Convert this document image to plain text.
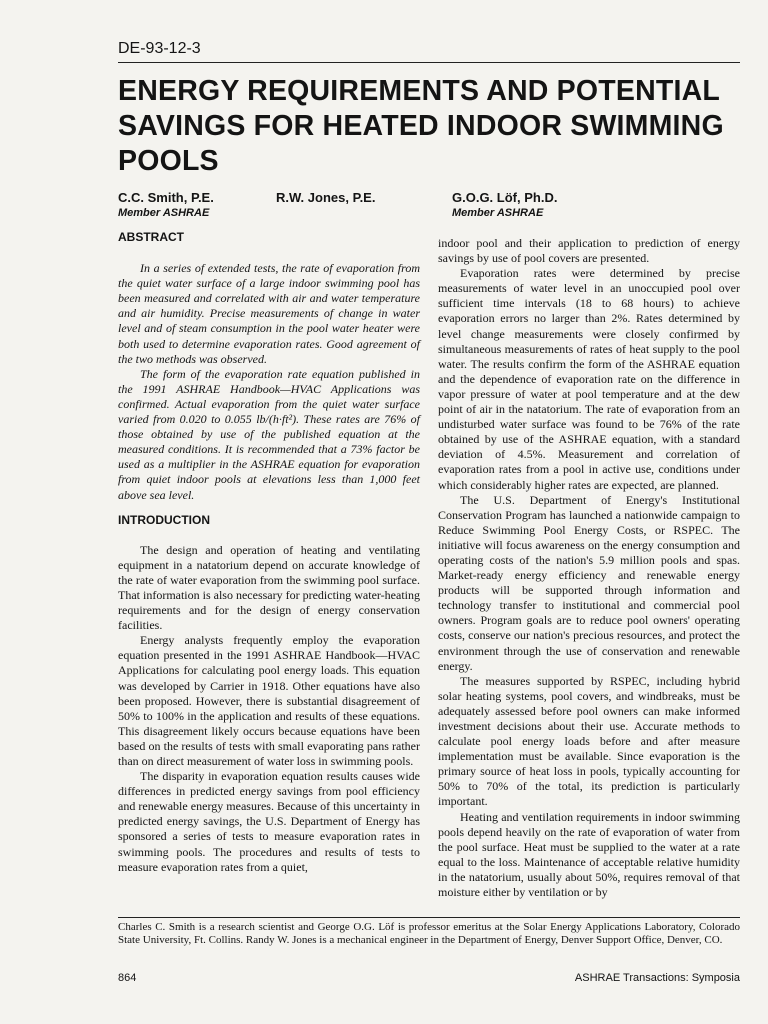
DE-93-12-3
ENERGY REQUIREMENTS AND POTENTIAL SAVINGS FOR HEATED INDOOR SWIMMING POOLS
C.C. Smith, P.E.
Member ASHRAE
R.W. Jones, P.E.	G.O.G. Löf, Ph.D.
Member ASHRAE
ABSTRACT

In a series of extended tests, the rate of evaporation from the quiet water surface of a large indoor swimming pool has been measured and correlated with air and water temperature and air humidity. Precise measurements of change in water level and of steam consumption in the pool water heater were both used to determine evaporation rates. Good agreement of the two methods was observed.

The form of the evaporation rate equation published in the 1991 ASHRAE Handbook—HVAC Applications was confirmed. Actual evaporation from the quiet water surface varied from 0.020 to 0.055 lb/(h·ft²). These rates are 76% of those obtained by use of the published equation at the measured conditions. It is recommended that a 73% factor be used as a multiplier in the ASHRAE equation for evaporation from quiet indoor pools at elevations less than 1,000 feet above sea level.

INTRODUCTION

The design and operation of heating and ventilating equipment in a natatorium depend on accurate knowledge of the rate of water evaporation from the swimming pool surface. That information is also necessary for predicting water-heating requirements and for the design of energy conservation facilities.

Energy analysts frequently employ the evaporation equation presented in the 1991 ASHRAE Handbook—HVAC Applications for calculating pool energy loads. This equation was developed by Carrier in 1918. Other equations have also been proposed. However, there is substantial disagreement of 50% to 100% in the application and results of these equations. This disagreement likely occurs because equations have been based on the results of tests with small evaporating pans rather than on direct measurement of water loss in swimming pools.

The disparity in evaporation equation results causes wide differences in predicted energy savings from pool efficiency and renewable energy measures. Because of this uncertainty in predicted energy savings, the U.S. Department of Energy has sponsored a series of tests to measure evaporation rates in swimming pools. The procedures and results of tests to measure evaporation rates from a quiet,

indoor pool and their application to prediction of energy savings by use of pool covers are presented.

Evaporation rates were determined by precise measurements of water level in an unoccupied pool over sufficient time intervals (18 to 68 hours) to achieve evaporation errors no larger than 2%. Rates determined by level change measurements were closely confirmed by simultaneous measurements of rates of heat supply to the pool water. The results confirm the form of the ASHRAE equation and the dependence of evaporation rate on the difference in vapor pressure of water at pool temperature and at the dew point of air in the natatorium. The rate of evaporation from an undisturbed water surface was found to be 76% of the rate obtained by use of the ASHRAE equation, with a standard deviation of 4.5%. Measurement and correlation of evaporation rates from a pool in active use, conditions under which considerably higher rates are expected, are planned.

The U.S. Department of Energy's Institutional Conservation Program has launched a nationwide campaign to Reduce Swimming Pool Energy Costs, or RSPEC. The initiative will focus awareness on the energy consumption and operating costs of the nation's 5.9 million pools and spas. Market-ready energy efficiency and renewable energy products will be supported through information and technology transfer to institutional and commercial pool owners. Program goals are to reduce pool owners' operating costs, conserve our nation's precious resources, and protect the environment through the use of conservation and renewable energy.

The measures supported by RSPEC, including hybrid solar heating systems, pool covers, and windbreaks, must be adequately assessed before pool owners can make informed investment decisions about their use. Accurate methods to calculate pool energy loads before and after measure implementation must be available. Since evaporation is the primary source of heat loss in pools, typically accounting for 50% to 70% of the total, its prediction is particularly important.

Heating and ventilation requirements in indoor swimming pools depend heavily on the rate of evaporation of water from the pool surface. Heat must be supplied to the water at a rate equal to the loss. Maintenance of acceptable relative humidity in the natatorium, usually about 50%, requires removal of that moisture either by ventilation or by

Charles C. Smith is a research scientist and George O.G. Löf is professor emeritus at the Solar Energy Applications Laboratory, Colorado State University, Ft. Collins. Randy W. Jones is a mechanical engineer in the Department of Energy, Denver Support Office, Denver, CO.
864	ASHRAE Transactions: Symposia
